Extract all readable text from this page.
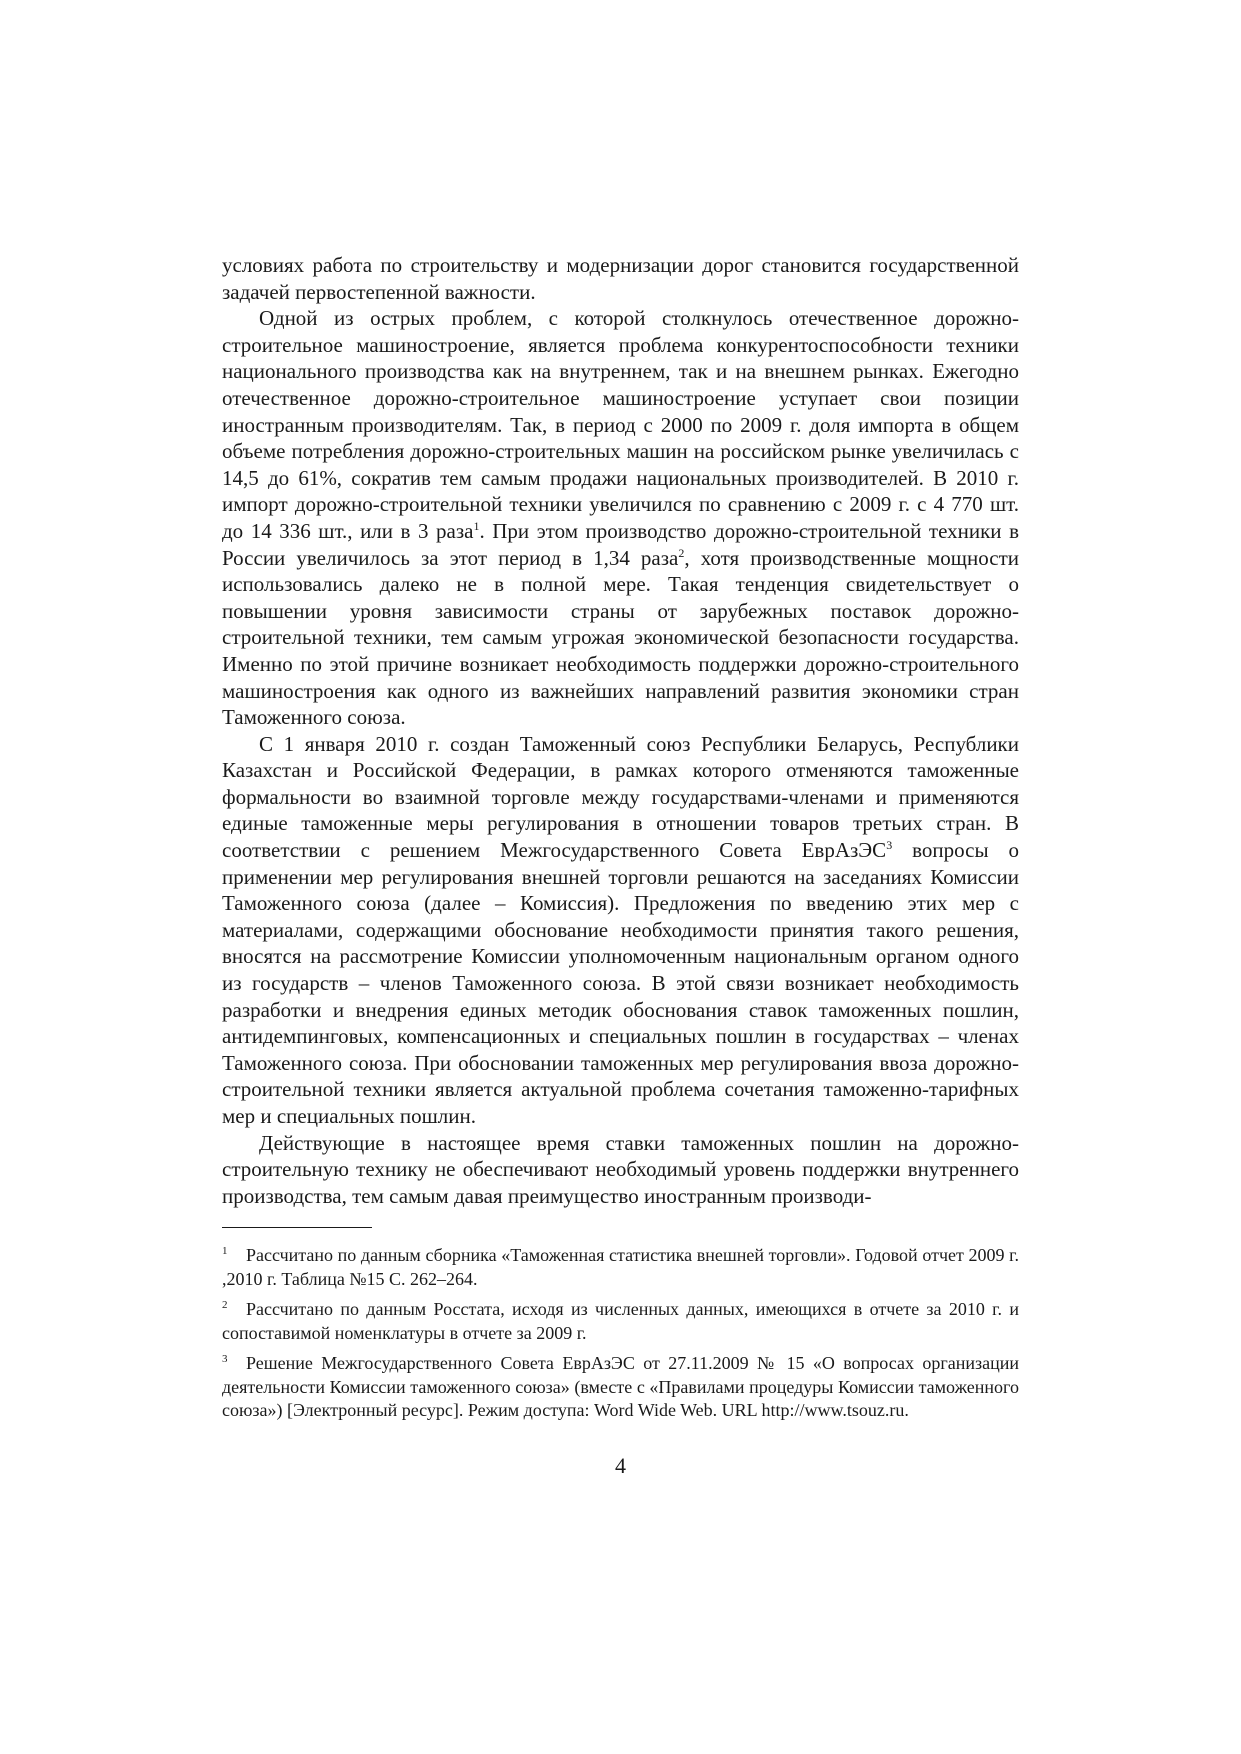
условиях работа по строительству и модернизации дорог становится государственной задачей первостепенной важности.

Одной из острых проблем, с которой столкнулось отечественное дорожно-строительное машиностроение, является проблема конкурентоспособности техники национального производства как на внутреннем, так и на внешнем рынках. Ежегодно отечественное дорожно-строительное машиностроение уступает свои позиции иностранным производителям. Так, в период с 2000 по 2009 г. доля импорта в общем объеме потребления дорожно-строительных машин на российском рынке увеличилась с 14,5 до 61%, сократив тем самым продажи национальных производителей. В 2010 г. импорт дорожно-строительной техники увеличился по сравнению с 2009 г. с 4 770 шт. до 14 336 шт., или в 3 раза$^1$. При этом производство дорожно-строительной техники в России увеличилось за этот период в 1,34 раза$^2$, хотя производственные мощности использовались далеко не в полной мере. Такая тенденция свидетельствует о повышении уровня зависимости страны от зарубежных поставок дорожно-строительной техники, тем самым угрожая экономической безопасности государства. Именно по этой причине возникает необходимость поддержки дорожно-строительного машиностроения как одного из важнейших направлений развития экономики стран Таможенного союза.

С 1 января 2010 г. создан Таможенный союз Республики Беларусь, Республики Казахстан и Российской Федерации, в рамках которого отменяются таможенные формальности во взаимной торговле между государствами-членами и применяются единые таможенные меры регулирования в отношении товаров третьих стран. В соответствии с решением Межгосударственного Совета ЕврАзЭС$^3$ вопросы о применении мер регулирования внешней торговли решаются на заседаниях Комиссии Таможенного союза (далее – Комиссия). Предложения по введению этих мер с материалами, содержащими обоснование необходимости принятия такого решения, вносятся на рассмотрение Комиссии уполномоченным национальным органом одного из государств – членов Таможенного союза. В этой связи возникает необходимость разработки и внедрения единых методик обоснования ставок таможенных пошлин, антидемпинговых, компенсационных и специальных пошлин в государствах – членах Таможенного союза. При обосновании таможенных мер регулирования ввоза дорожно-строительной техники является актуальной проблема сочетания таможенно-тарифных мер и специальных пошлин.

Действующие в настоящее время ставки таможенных пошлин на дорожно-строительную технику не обеспечивают необходимый уровень поддержки внутреннего производства, тем самым давая преимущество иностранным производи-

1 Рассчитано по данным сборника «Таможенная статистика внешней торговли». Годовой отчет 2009 г. ,2010 г. Таблица №15 С. 262–264.

2 Рассчитано по данным Росстата, исходя из численных данных, имеющихся в отчете за 2010 г. и сопоставимой номенклатуры в отчете за 2009 г.

3 Решение Межгосударственного Совета ЕврАзЭС от 27.11.2009 № 15 «О вопросах организации деятельности Комиссии таможенного союза» (вместе с «Правилами процедуры Комиссии таможенного союза») [Электронный ресурс]. Режим доступа: Word Wide Web. URL http://www.tsouz.ru.

4
